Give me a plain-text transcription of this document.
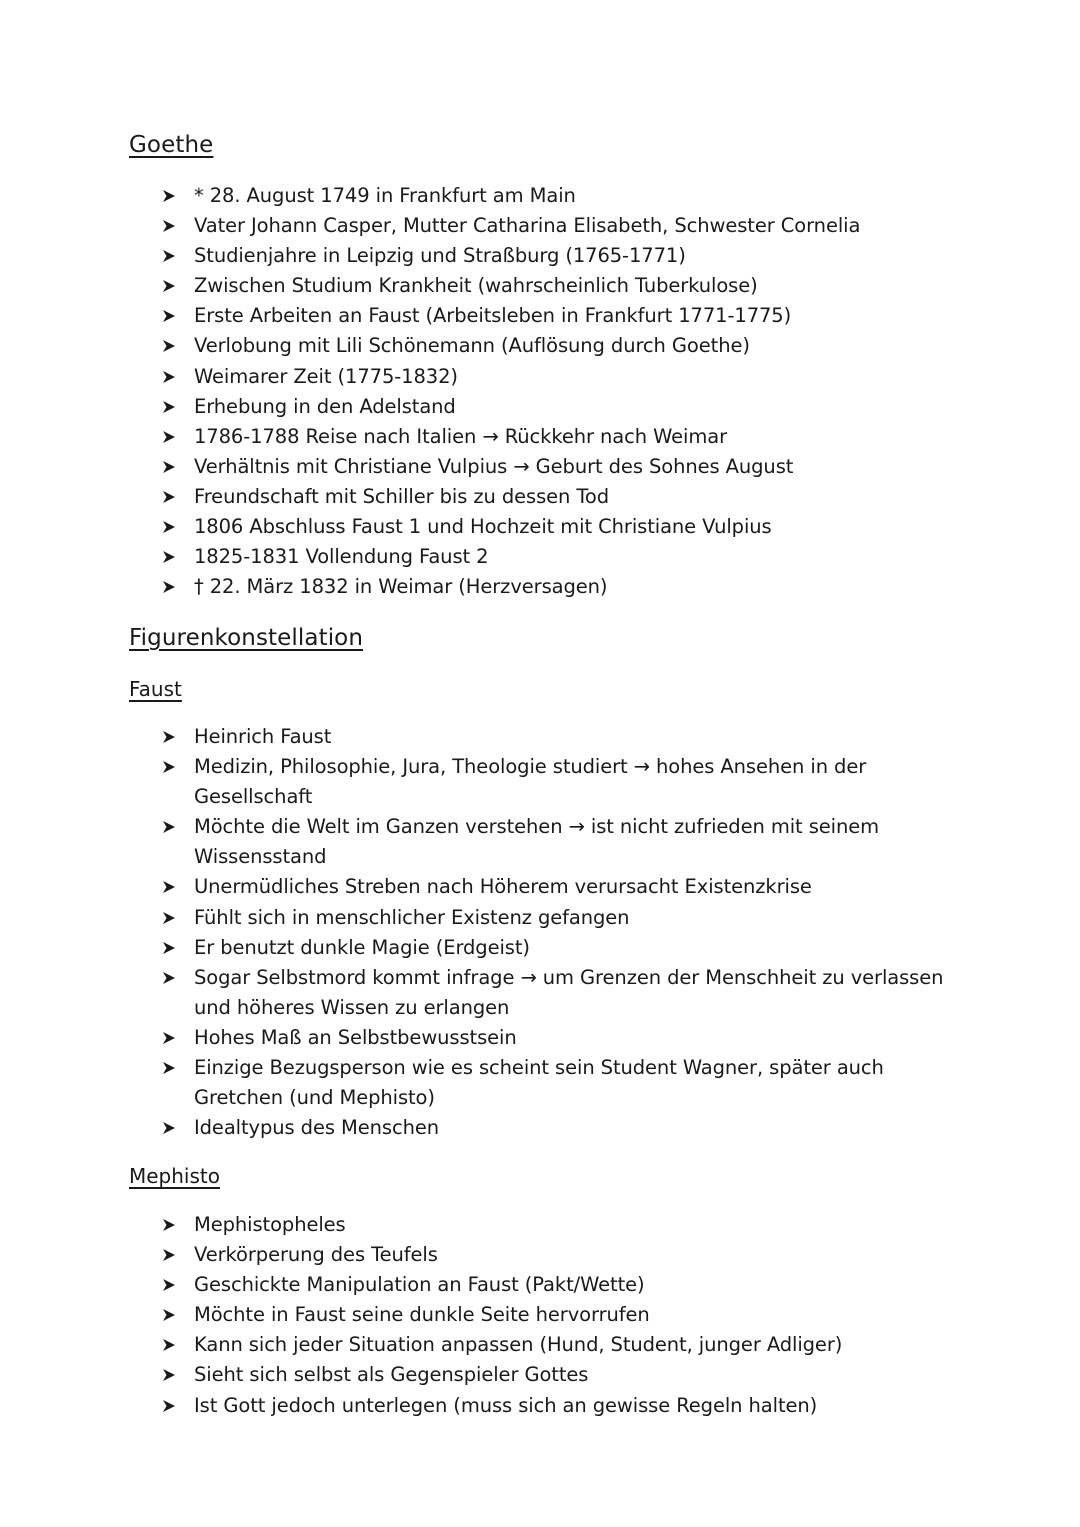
Goethe
* 28. August 1749 in Frankfurt am Main
Vater Johann Casper, Mutter Catharina Elisabeth, Schwester Cornelia
Studienjahre in Leipzig und Straßburg (1765-1771)
Zwischen Studium Krankheit (wahrscheinlich Tuberkulose)
Erste Arbeiten an Faust (Arbeitsleben in Frankfurt 1771-1775)
Verlobung mit Lili Schönemann (Auflösung durch Goethe)
Weimarer Zeit (1775-1832)
Erhebung in den Adelstand
1786-1788 Reise nach Italien → Rückkehr nach Weimar
Verhältnis mit Christiane Vulpius → Geburt des Sohnes August
Freundschaft mit Schiller bis zu dessen Tod
1806 Abschluss Faust 1 und Hochzeit mit Christiane Vulpius
1825-1831 Vollendung Faust 2
† 22. März 1832 in Weimar (Herzversagen)
Figurenkonstellation
Faust
Heinrich Faust
Medizin, Philosophie, Jura, Theologie studiert → hohes Ansehen in der Gesellschaft
Möchte die Welt im Ganzen verstehen → ist nicht zufrieden mit seinem Wissensstand
Unermüdliches Streben nach Höherem verursacht Existenzkrise
Fühlt sich in menschlicher Existenz gefangen
Er benutzt dunkle Magie (Erdgeist)
Sogar Selbstmord kommt infrage → um Grenzen der Menschheit zu verlassen und höheres Wissen zu erlangen
Hohes Maß an Selbstbewusstsein
Einzige Bezugsperson wie es scheint sein Student Wagner, später auch Gretchen (und Mephisto)
Idealtypus des Menschen
Mephisto
Mephistopheles
Verkörperung des Teufels
Geschickte Manipulation an Faust (Pakt/Wette)
Möchte in Faust seine dunkle Seite hervorrufen
Kann sich jeder Situation anpassen (Hund, Student, junger Adliger)
Sieht sich selbst als Gegenspieler Gottes
Ist Gott jedoch unterlegen (muss sich an gewisse Regeln halten)
